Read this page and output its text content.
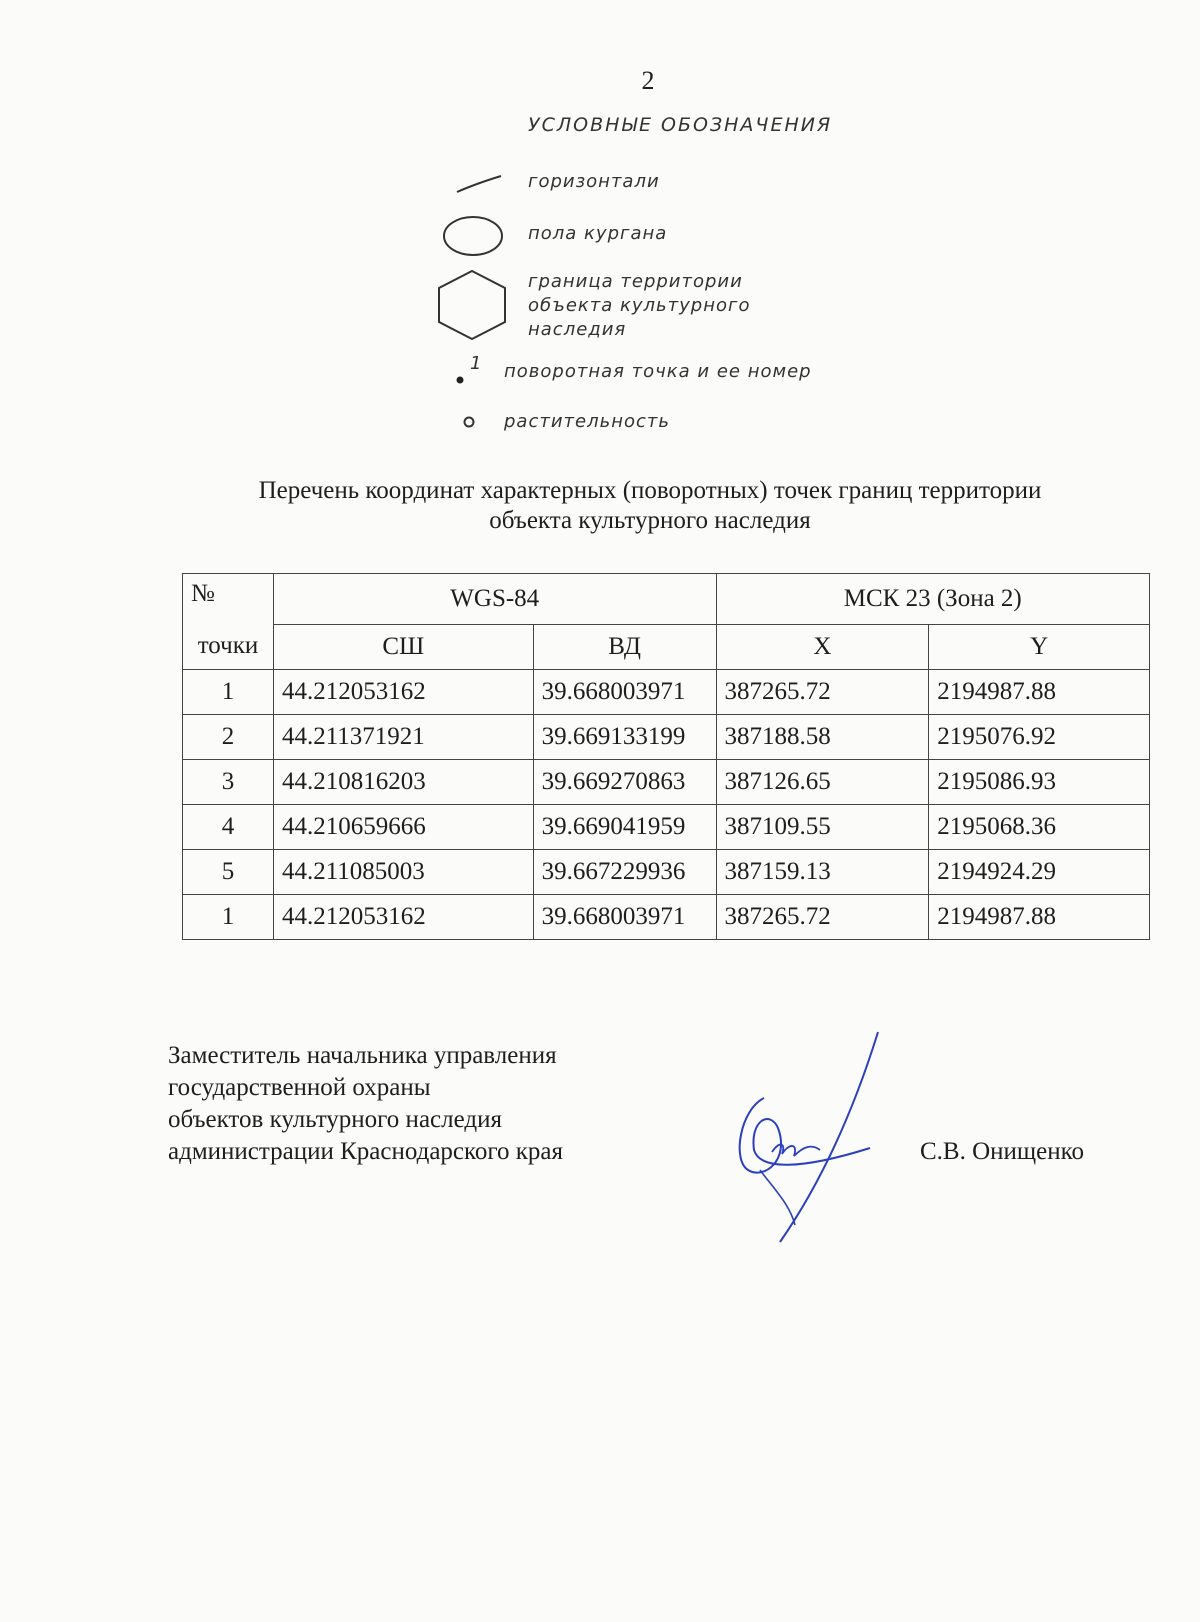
2
УСЛОВНЫЕ ОБОЗНАЧЕНИЯ
горизонтали
пола кургана
граница территории
объекта культурного
наследия
1 поворотная точка и ее номер
растительность
Перечень координат характерных (поворотных) точек границ территории
объекта культурного наследия
№	WGS-84		МСК 23 (Зона 2)	
точки	СШ	ВД	X	Y
1	44.212053162	39.668003971	387265.72	2194987.88
2	44.211371921	39.669133199	387188.58	2195076.92
3	44.210816203	39.669270863	387126.65	2195086.93
4	44.210659666	39.669041959	387109.55	2195068.36
5	44.211085003	39.667229936	387159.13	2194924.29
1	44.212053162	39.668003971	387265.72	2194987.88
Заместитель начальника управления
государственной охраны
объектов культурного наследия
администрации Краснодарского края	С.В. Онищенко
